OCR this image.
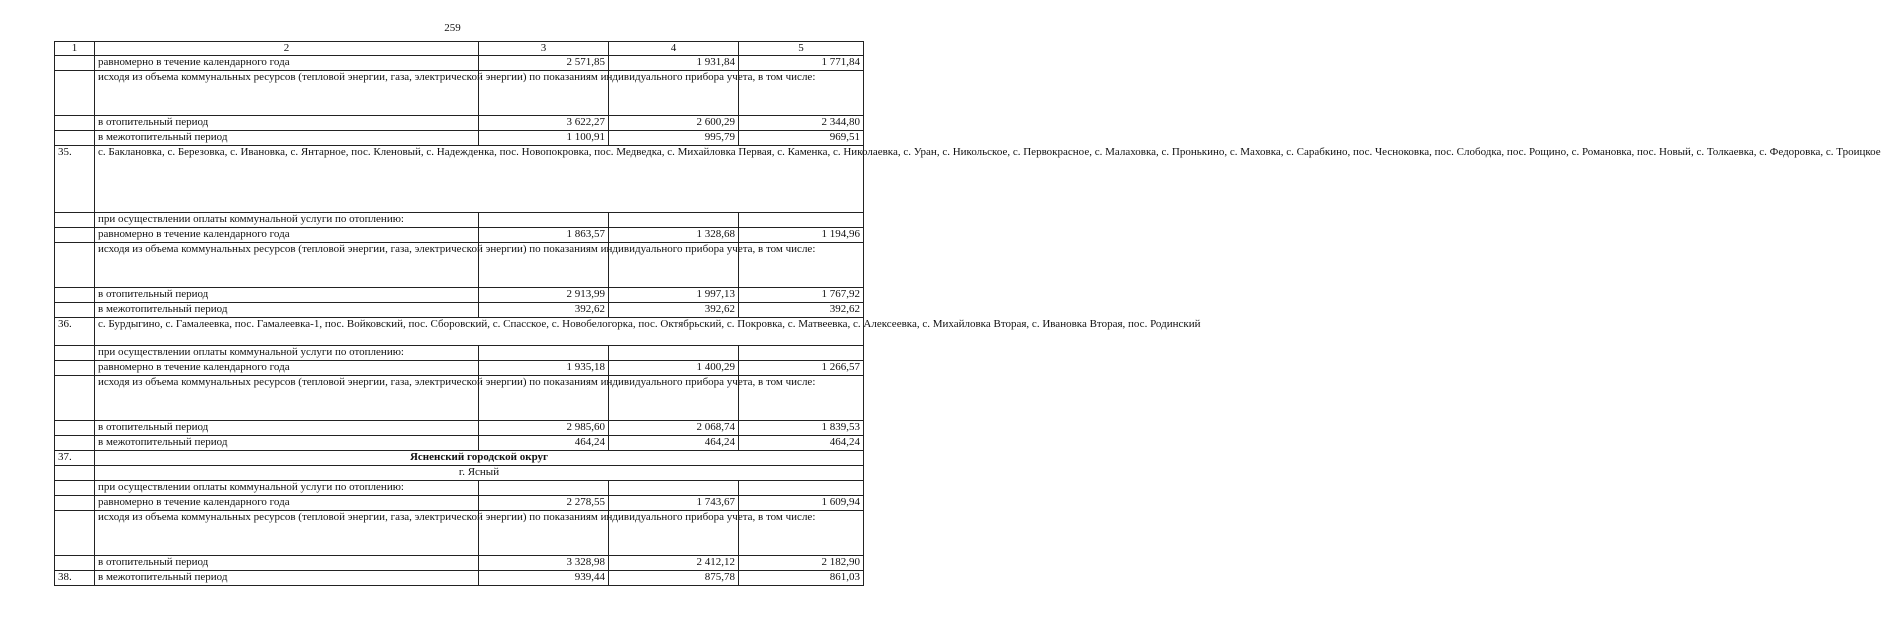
259
1	2	3	4	5
	равномерно в течение календарного года	2 571,85	1 931,84	1 771,84
	исходя из объема коммунальных ресурсов (тепловой энергии, газа, электрической энергии) по показаниям индивидуального прибора учета, в том числе:			
	в отопительный период	3 622,27	2 600,29	2 344,80
	в межотопительный период	1 100,91	995,79	969,51
35.	с. Баклановка, с. Березовка, с. Ивановка, с. Янтарное, пос. Кленовый, с. Надежденка, пос. Новопокровка, пос. Медведка, с. Михайловка Первая, с. Каменка, с. Николаевка, с. Уран, с. Никольское, с. Первокрасное, с. Малаховка, с. Пронькино, с. Маховка, с. Сарабкино, пос. Чесноковка, пос. Слободка, пос. Рощино, с. Романовка, пос. Новый, с. Толкаевка, с. Федоровка, с. Троицкое			
	при осуществлении оплаты коммунальной услуги по отоплению:			
	равномерно в течение календарного года	1 863,57	1 328,68	1 194,96
	исходя из объема коммунальных ресурсов (тепловой энергии, газа, электрической энергии) по показаниям индивидуального прибора учета, в том числе:			
	в отопительный период	2 913,99	1 997,13	1 767,92
	в межотопительный период	392,62	392,62	392,62
36.	с. Бурдыгино, с. Гамалеевка, пос. Гамалеевка-1, пос. Войковский, пос. Сборовский, с. Спасское, с. Новобелогорка, пос. Октябрьский, с. Покровка, с. Матвеевка, с. Алексеевка, с. Михайловка Вторая, с. Ивановка Вторая, пос. Родинский			
	при осуществлении оплаты коммунальной услуги по отоплению:			
	равномерно в течение календарного года	1 935,18	1 400,29	1 266,57
	исходя из объема коммунальных ресурсов (тепловой энергии, газа, электрической энергии) по показаниям индивидуального прибора учета, в том числе:			
	в отопительный период	2 985,60	2 068,74	1 839,53
	в межотопительный период	464,24	464,24	464,24
37.	Ясненский городской округ			
	г. Ясный			
	при осуществлении оплаты коммунальной услуги по отоплению:			
	равномерно в течение календарного года	2 278,55	1 743,67	1 609,94
	исходя из объема коммунальных ресурсов (тепловой энергии, газа, электрической энергии) по показаниям индивидуального прибора учета, в том числе:			
	в отопительный период	3 328,98	2 412,12	2 182,90
38.	в межотопительный период	939,44	875,78	861,03
